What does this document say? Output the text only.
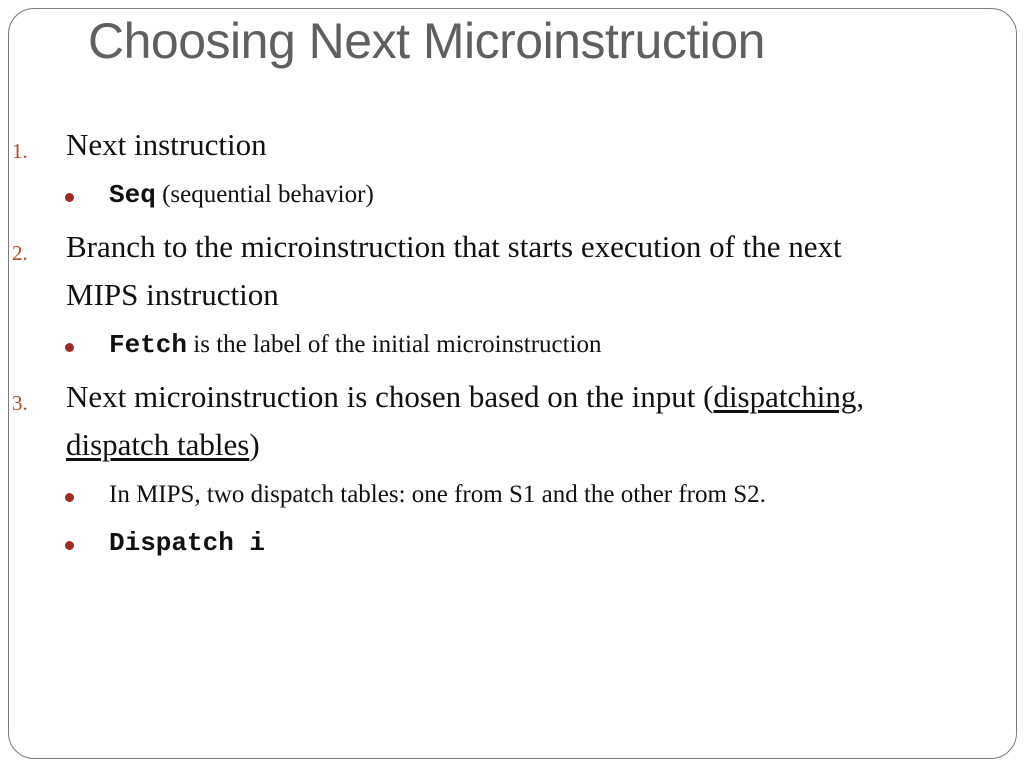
Choosing Next Microinstruction
1. Next instruction
Seq (sequential behavior)
2. Branch to the microinstruction that starts execution of the next
MIPS instruction
Fetch is the label of the initial microinstruction
3. Next microinstruction is chosen based on the input (dispatching,
dispatch tables)
In MIPS, two dispatch tables: one from S1 and the other from S2.
Dispatch i
